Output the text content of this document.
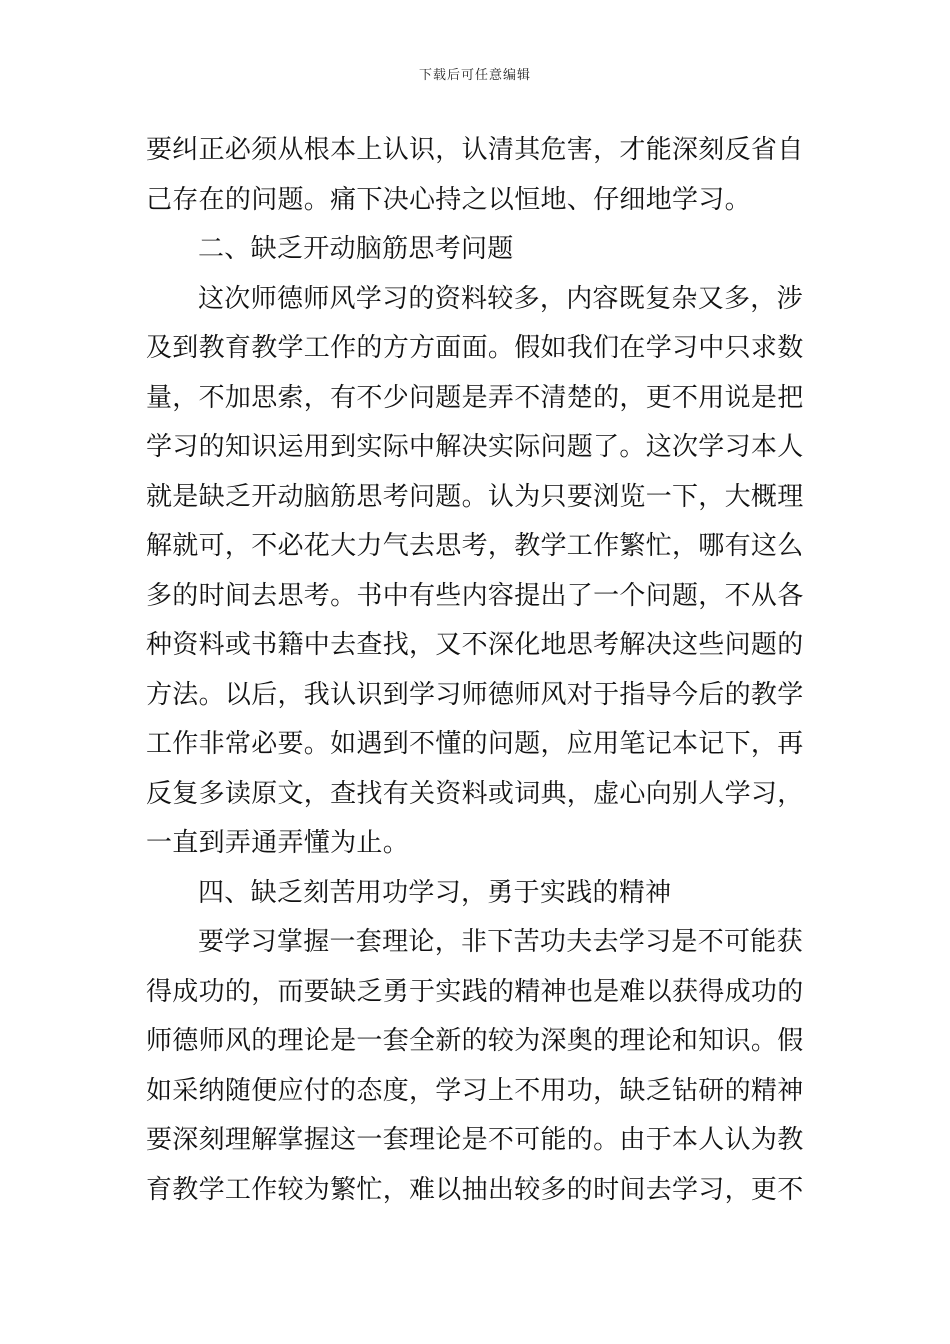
下载后可任意编辑
要纠正必须从根本上认识，认清其危害，才能深刻反省自
己存在的问题。痛下决心持之以恒地、仔细地学习。
二、缺乏开动脑筋思考问题
这次师德师风学习的资料较多，内容既复杂又多，涉
及到教育教学工作的方方面面。假如我们在学习中只求数
量，不加思索，有不少问题是弄不清楚的，更不用说是把
学习的知识运用到实际中解决实际问题了。这次学习本人
就是缺乏开动脑筋思考问题。认为只要浏览一下，大概理
解就可，不必花大力气去思考，教学工作繁忙，哪有这么
多的时间去思考。书中有些内容提出了一个问题，不从各
种资料或书籍中去查找，又不深化地思考解决这些问题的
方法。以后，我认识到学习师德师风对于指导今后的教学
工作非常必要。如遇到不懂的问题，应用笔记本记下，再
反复多读原文，查找有关资料或词典，虚心向别人学习，
一直到弄通弄懂为止。
四、缺乏刻苦用功学习，勇于实践的精神
要学习掌握一套理论，非下苦功夫去学习是不可能获
得成功的，而要缺乏勇于实践的精神也是难以获得成功的
师德师风的理论是一套全新的较为深奥的理论和知识。假
如采纳随便应付的态度，学习上不用功，缺乏钻研的精神
要深刻理解掌握这一套理论是不可能的。由于本人认为教
育教学工作较为繁忙，难以抽出较多的时间去学习，更不
